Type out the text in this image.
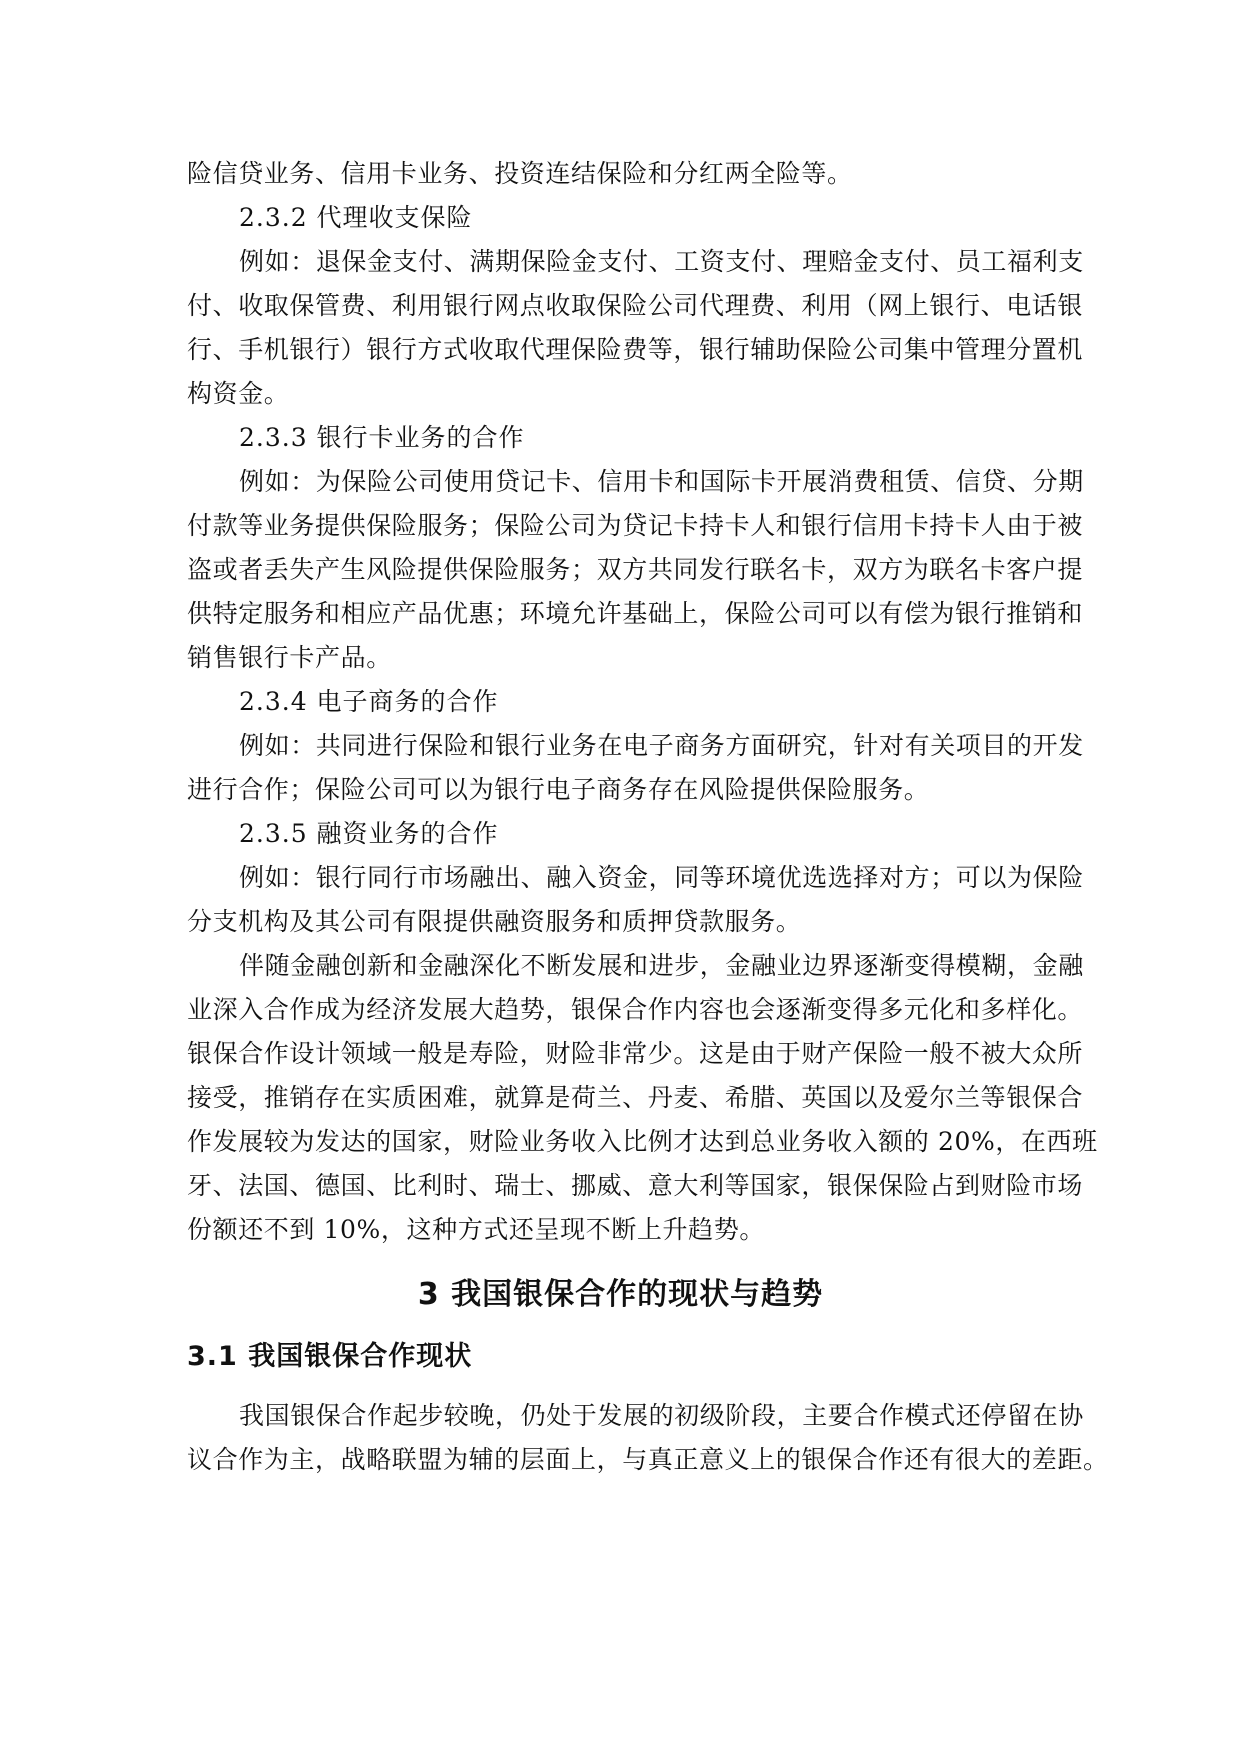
险信贷业务、信用卡业务、投资连结保险和分红两全险等。
2.3.2 代理收支保险
例如：退保金支付、满期保险金支付、工资支付、理赔金支付、员工福利支
付、收取保管费、利用银行网点收取保险公司代理费、利用（网上银行、电话银
行、手机银行）银行方式收取代理保险费等，银行辅助保险公司集中管理分置机
构资金。
2.3.3 银行卡业务的合作
例如：为保险公司使用贷记卡、信用卡和国际卡开展消费租赁、信贷、分期
付款等业务提供保险服务；保险公司为贷记卡持卡人和银行信用卡持卡人由于被
盗或者丢失产生风险提供保险服务；双方共同发行联名卡，双方为联名卡客户提
供特定服务和相应产品优惠；环境允许基础上，保险公司可以有偿为银行推销和
销售银行卡产品。
2.3.4 电子商务的合作
例如：共同进行保险和银行业务在电子商务方面研究，针对有关项目的开发
进行合作；保险公司可以为银行电子商务存在风险提供保险服务。
2.3.5 融资业务的合作
例如：银行同行市场融出、融入资金，同等环境优选选择对方；可以为保险
分支机构及其公司有限提供融资服务和质押贷款服务。
伴随金融创新和金融深化不断发展和进步，金融业边界逐渐变得模糊，金融
业深入合作成为经济发展大趋势，银保合作内容也会逐渐变得多元化和多样化。
银保合作设计领域一般是寿险，财险非常少。这是由于财产保险一般不被大众所
接受，推销存在实质困难，就算是荷兰、丹麦、希腊、英国以及爱尔兰等银保合
作发展较为发达的国家，财险业务收入比例才达到总业务收入额的 20%，在西班
牙、法国、德国、比利时、瑞士、挪威、意大利等国家，银保保险占到财险市场
份额还不到 10%，这种方式还呈现不断上升趋势。
3 我国银保合作的现状与趋势
3.1 我国银保合作现状
我国银保合作起步较晚，仍处于发展的初级阶段，主要合作模式还停留在协
议合作为主，战略联盟为辅的层面上，与真正意义上的银保合作还有很大的差距。
